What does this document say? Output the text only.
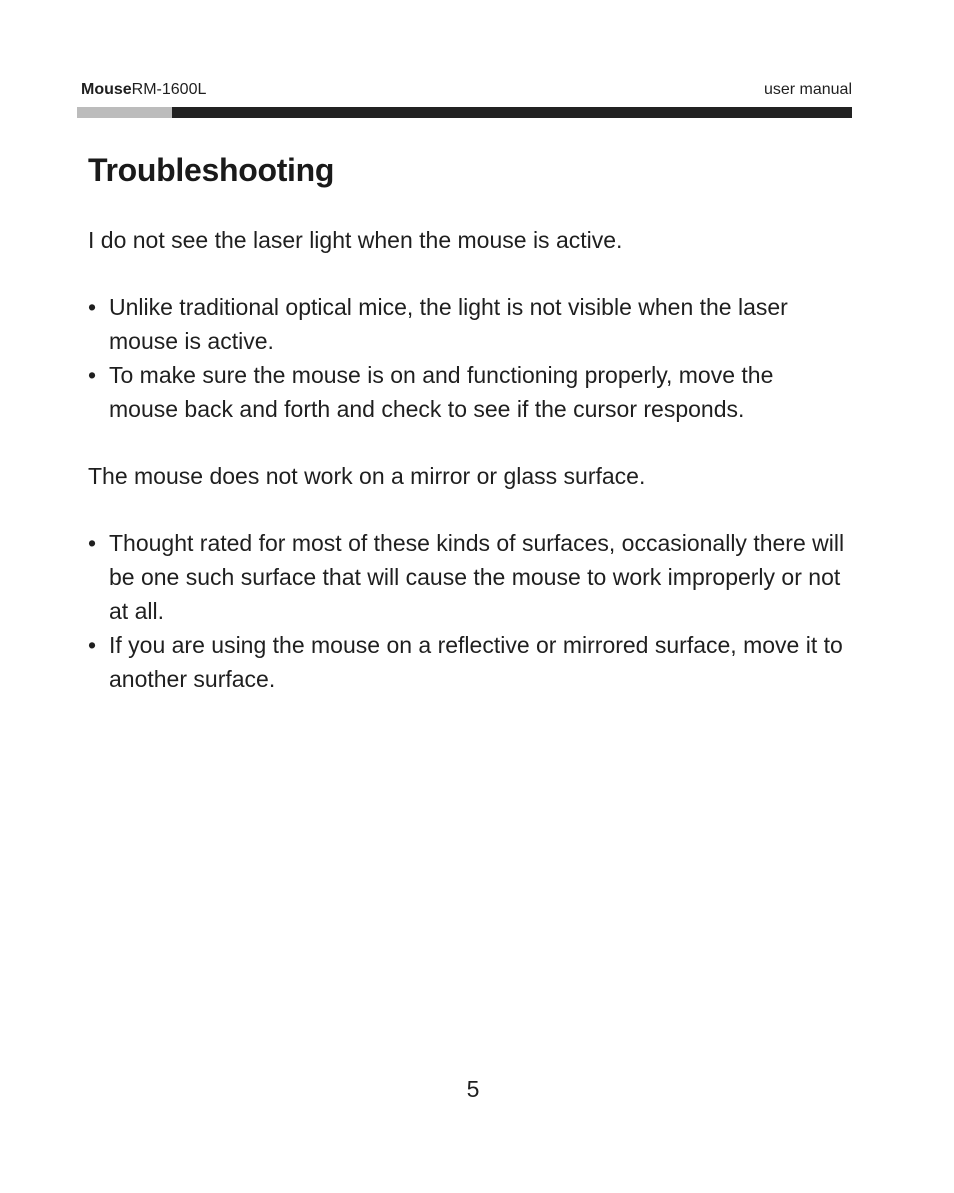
MouseRM-1600L	user manual
Troubleshooting

I do not see the laser light when the mouse is active.

• Unlike traditional optical mice, the light is not visible when the laser mouse is active.
• To make sure the mouse is on and functioning properly, move the mouse back and forth and check to see if the cursor responds.

The mouse does not work on a mirror or glass surface.

• Thought rated for most of these kinds of surfaces, occasionally there will be one such surface that will cause the mouse to work improperly or not at all.
• If you are using the mouse on a reflective or mirrored surface, move it to another surface.
5
